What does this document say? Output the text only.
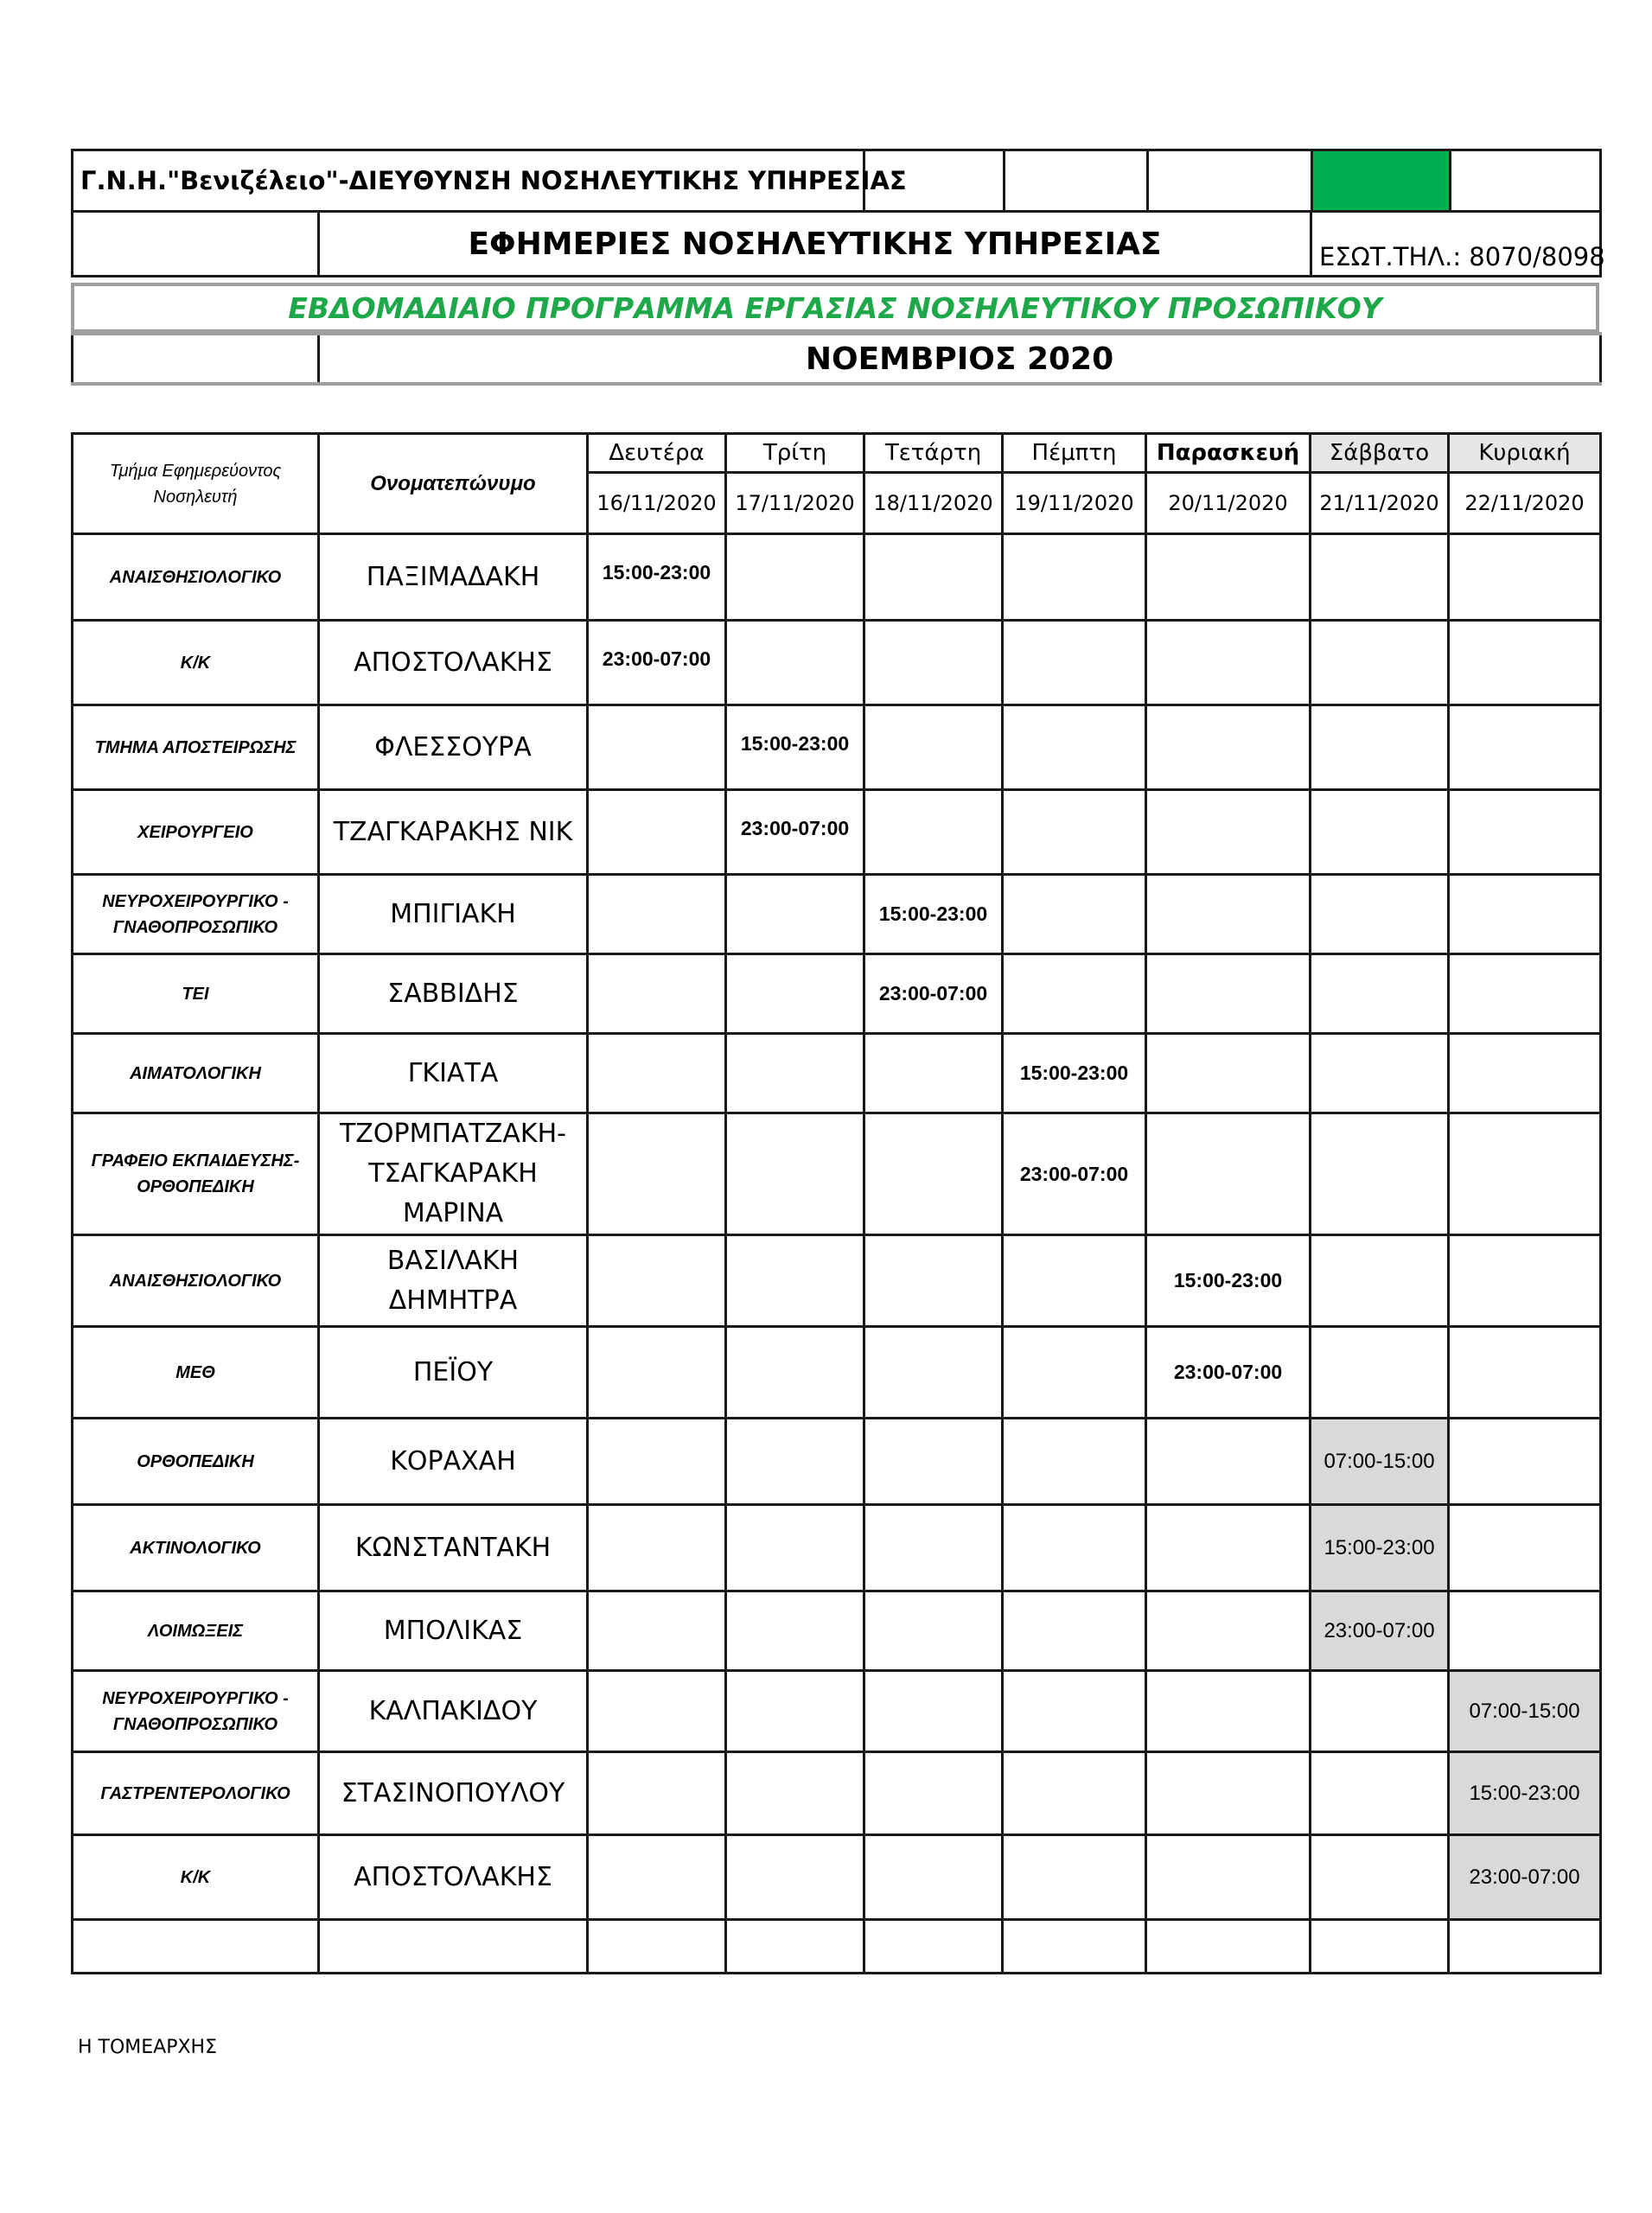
Γ.Ν.Η."Βενιζέλειο"-ΔΙΕΥΘΥΝΣΗ ΝΟΣΗΛΕΥΤΙΚΗΣ ΥΠΗΡΕΣΙΑΣ					
	ΕΦΗΜΕΡΙΕΣ ΝΟΣΗΛΕΥΤΙΚΗΣ ΥΠΗΡΕΣΙΑΣ	ΕΣΩΤ.ΤΗΛ.: 8070/8098
ΕΒΔΟΜΑΔΙΑΙΟ ΠΡΟΓΡΑΜΜΑ ΕΡΓΑΣΙΑΣ ΝΟΣΗΛΕΥΤΙΚΟΥ ΠΡΟΣΩΠΙΚΟΥ
	ΝΟΕΜΒΡΙΟΣ 2020
Τμήμα Εφημερεύοντος Νοσηλευτή	Ονοματεπώνυμο	Δευτέρα	Τρίτη	Τετάρτη	Πέμπτη	Παρασκευή	Σάββατο	Κυριακή
		16/11/2020	17/11/2020	18/11/2020	19/11/2020	20/11/2020	21/11/2020	22/11/2020
ΑΝΑΙΣΘΗΣΙΟΛΟΓΙΚΟ	ΠΑΞΙΜΑΔΑΚΗ	15:00-23:00						
Κ/Κ	ΑΠΟΣΤΟΛΑΚΗΣ	23:00-07:00						
ΤΜΗΜΑ ΑΠΟΣΤΕΙΡΩΣΗΣ	ΦΛΕΣΣΟΥΡΑ		15:00-23:00					
ΧΕΙΡΟΥΡΓΕΙΟ	ΤΖΑΓΚΑΡΑΚΗΣ ΝΙΚ		23:00-07:00					
ΝΕΥΡΟΧΕΙΡΟΥΡΓΙΚΟ - ΓΝΑΘΟΠΡΟΣΩΠΙΚΟ	ΜΠΙΓΙΑΚΗ			15:00-23:00				
ΤΕΙ	ΣΑΒΒΙΔΗΣ			23:00-07:00				
ΑΙΜΑΤΟΛΟΓΙΚΗ	ΓΚΙΑΤΑ				15:00-23:00			
ΓΡΑΦΕΙΟ ΕΚΠΑΙΔΕΥΣΗΣ-ΟΡΘΟΠΕΔΙΚΗ	ΤΖΟΡΜΠΑΤΖΑΚΗ-ΤΣΑΓΚΑΡΑΚΗ ΜΑΡΙΝΑ				23:00-07:00			
ΑΝΑΙΣΘΗΣΙΟΛΟΓΙΚΟ	ΒΑΣΙΛΑΚΗ ΔΗΜΗΤΡΑ					15:00-23:00		
ΜΕΘ	ΠΕΪΟΥ					23:00-07:00		
ΟΡΘΟΠΕΔΙΚΗ	ΚΟΡΑΧΑΗ						07:00-15:00	
ΑΚΤΙΝΟΛΟΓΙΚΟ	ΚΩΝΣΤΑΝΤΑΚΗ						15:00-23:00	
ΛΟΙΜΩΞΕΙΣ	ΜΠΟΛΙΚΑΣ						23:00-07:00	
ΝΕΥΡΟΧΕΙΡΟΥΡΓΙΚΟ - ΓΝΑΘΟΠΡΟΣΩΠΙΚΟ	ΚΑΛΠΑΚΙΔΟΥ							07:00-15:00
ΓΑΣΤΡΕΝΤΕΡΟΛΟΓΙΚΟ	ΣΤΑΣΙΝΟΠΟΥΛΟΥ							15:00-23:00
Κ/Κ	ΑΠΟΣΤΟΛΑΚΗΣ							23:00-07:00

Η ΤΟΜΕΑΡΧΗΣ
